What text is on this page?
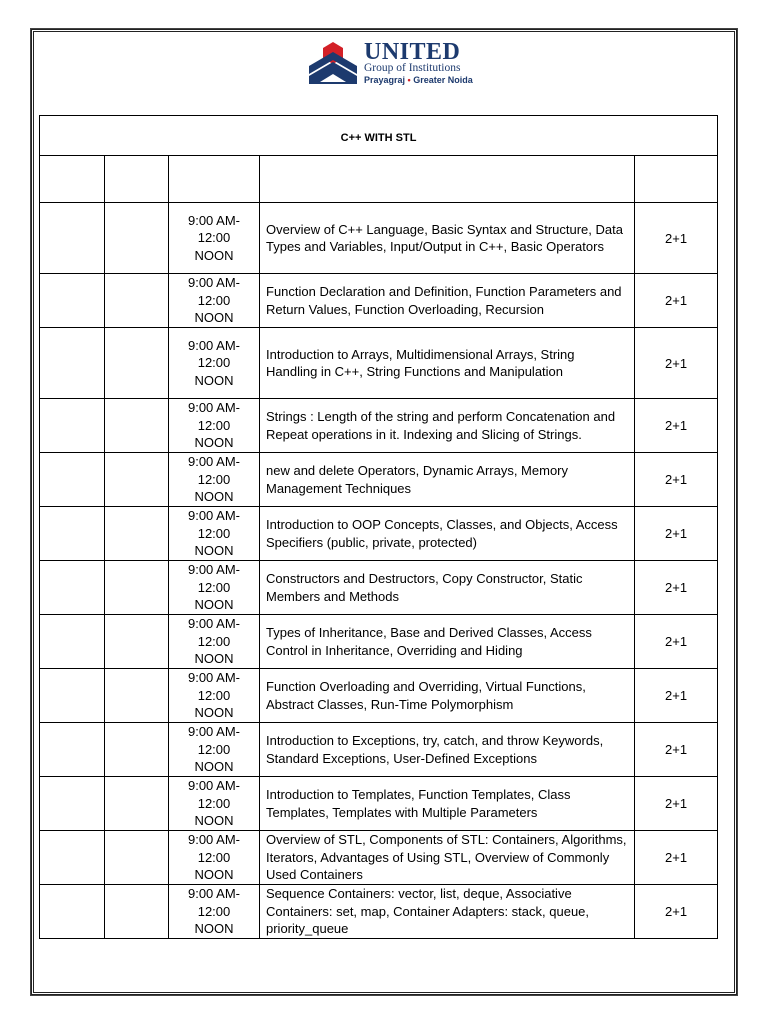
UNITED
Group of Institutions
Prayagraj • Greater Noida
C++ WITH STL				

		9:00 AM-
12:00
NOON	Overview of C++ Language, Basic Syntax and Structure, Data Types and Variables, Input/Output in C++, Basic Operators	2+1

		9:00 AM-
12:00
NOON	Function Declaration and Definition, Function Parameters and Return Values, Function Overloading, Recursion	2+1

		9:00 AM-
12:00
NOON	Introduction to Arrays, Multidimensional Arrays, String Handling in C++, String Functions and Manipulation	2+1

		9:00 AM-
12:00
NOON	Strings : Length of the string and perform Concatenation and Repeat operations in it. Indexing and Slicing of Strings.	2+1

		9:00 AM-
12:00
NOON	new and delete Operators, Dynamic Arrays, Memory Management Techniques	2+1

		9:00 AM-
12:00
NOON	Introduction to OOP Concepts, Classes, and Objects, Access Specifiers (public, private, protected)	2+1

		9:00 AM-
12:00
NOON	Constructors and Destructors, Copy Constructor, Static Members and Methods	2+1

		9:00 AM-
12:00
NOON	Types of Inheritance, Base and Derived Classes, Access Control in Inheritance, Overriding and Hiding	2+1

		9:00 AM-
12:00
NOON	Function Overloading and Overriding, Virtual Functions, Abstract Classes, Run-Time Polymorphism	2+1

		9:00 AM-
12:00
NOON	Introduction to Exceptions, try, catch, and throw Keywords, Standard Exceptions, User-Defined Exceptions	2+1

		9:00 AM-
12:00
NOON	Introduction to Templates, Function Templates, Class Templates, Templates with Multiple Parameters	2+1

		9:00 AM-
12:00
NOON	Overview of STL, Components of STL: Containers, Algorithms, Iterators, Advantages of Using STL, Overview of Commonly Used Containers	2+1

		9:00 AM-
12:00
NOON	Sequence Containers: vector, list, deque, Associative Containers: set, map, Container Adapters: stack, queue, priority_queue	2+1
